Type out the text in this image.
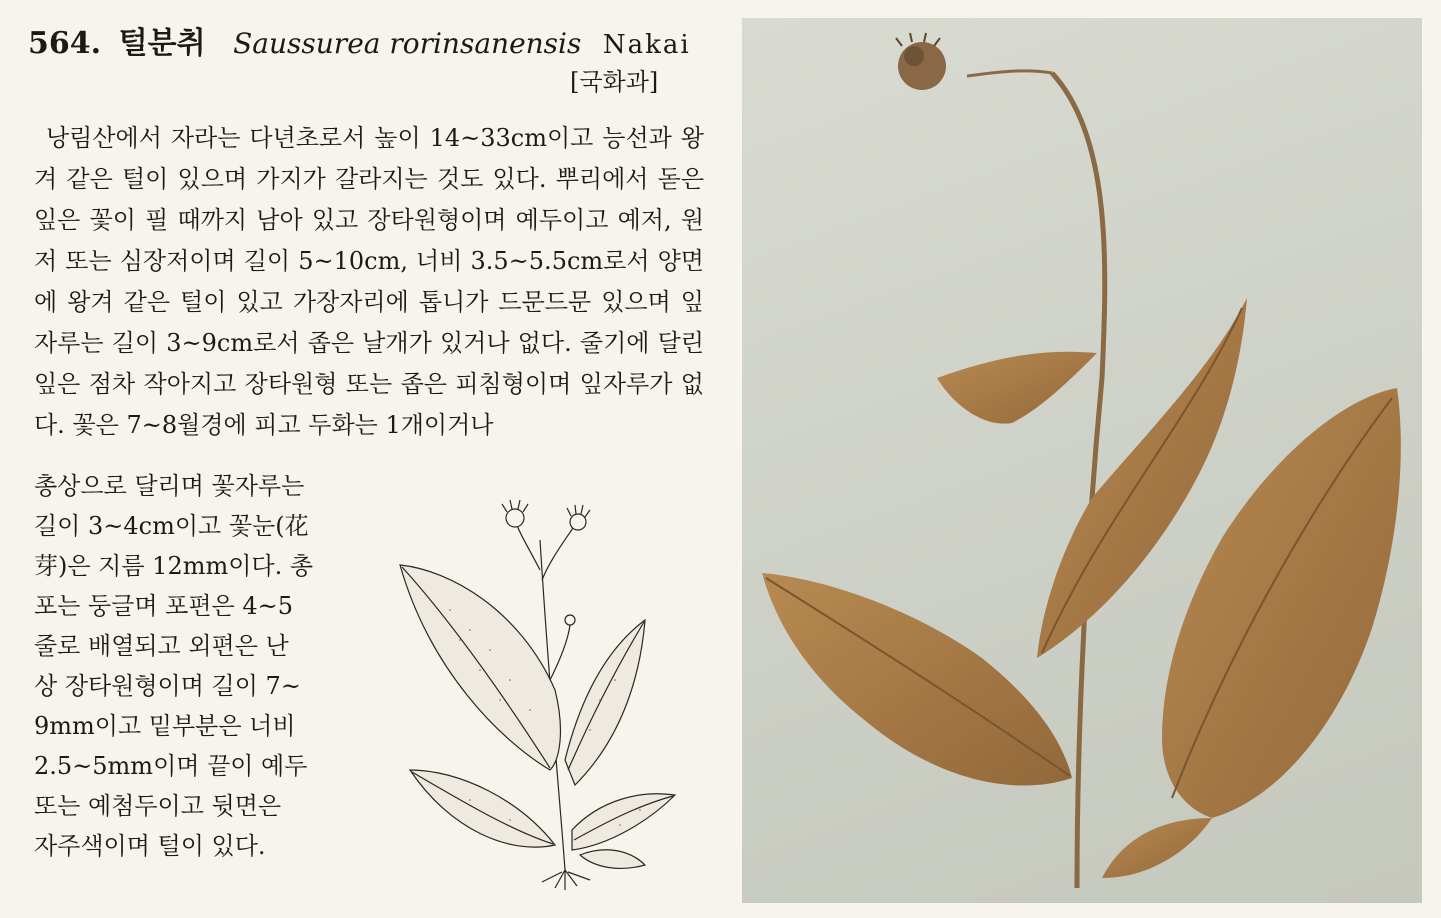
564. 털분취 Saussurea rorinsanensis Nakai
[국화과]

낭림산에서 자라는 다년초로서 높이 14~33cm이고 능선과 왕겨 같은 털이 있으며 가지가 갈라지는 것도 있다. 뿌리에서 돋은 잎은 꽃이 필 때까지 남아 있고 장타원형이며 예두이고 예저, 원저 또는 심장저이며 길이 5~10cm, 너비 3.5~5.5cm로서 양면에 왕겨 같은 털이 있고 가장자리에 톱니가 드문드문 있으며 잎자루는 길이 3~9cm로서 좁은 날개가 있거나 없다. 줄기에 달린 잎은 점차 작아지고 장타원형 또는 좁은 피침형이며 잎자루가 없다. 꽃은 7~8월경에 피고 두화는 1개이거나

총상으로 달리며 꽃자루는

길이 3~4cm이고 꽃눈(花

芽)은 지름 12mm이다. 총

포는 둥글며 포편은 4~5

줄로 배열되고 외편은 난

상 장타원형이며 길이 7~

9mm이고 밑부분은 너비

2.5~5mm이며 끝이 예두

또는 예첨두이고 뒷면은

자주색이며 털이 있다.
